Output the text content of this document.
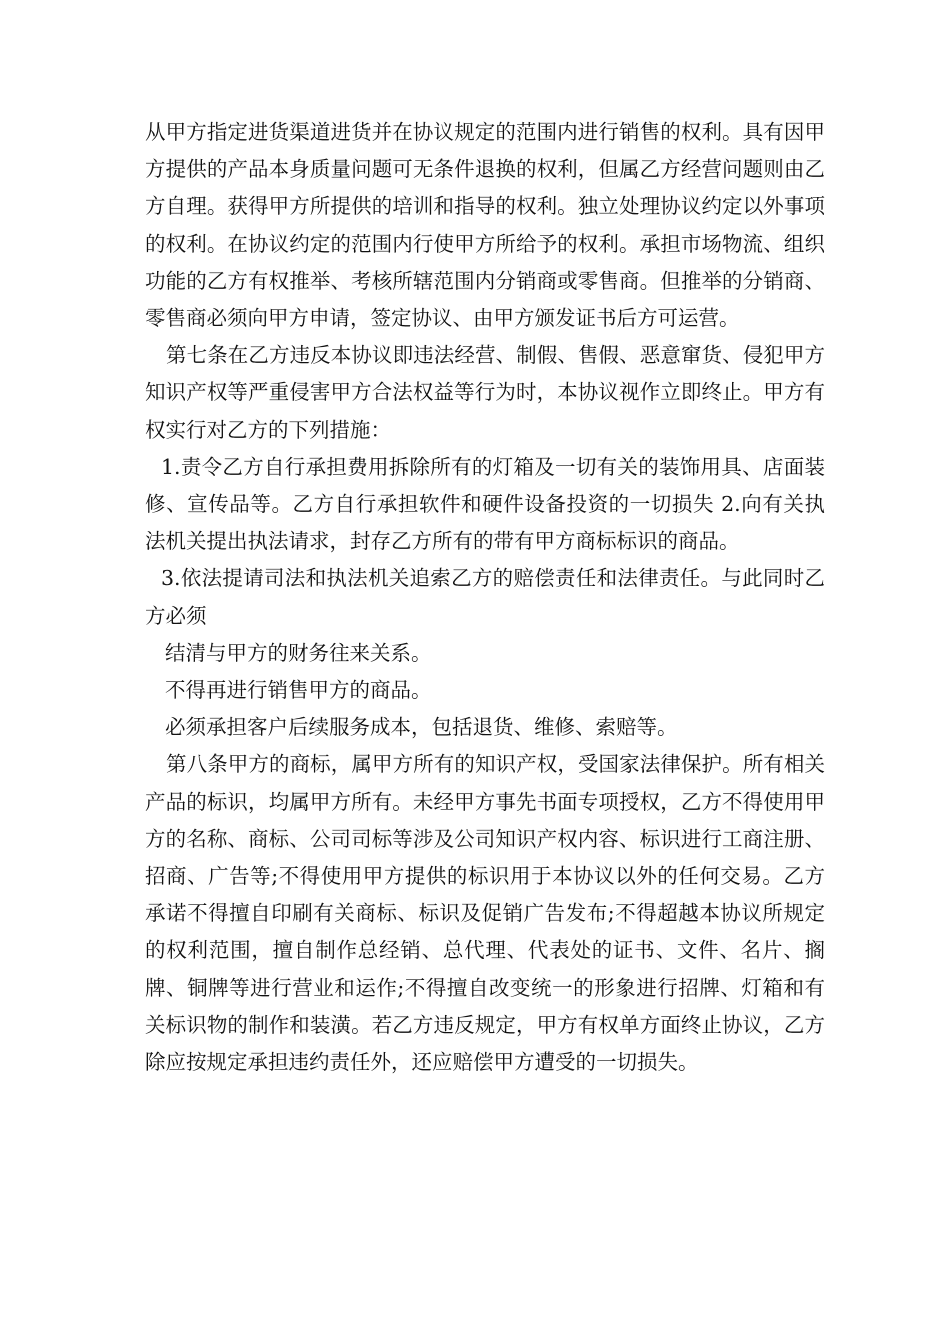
从甲方指定进货渠道进货并在协议规定的范围内进行销售的权利。具有因甲方提供的产品本身质量问题可无条件退换的权利，但属乙方经营问题则由乙方自理。获得甲方所提供的培训和指导的权利。独立处理协议约定以外事项的权利。在协议约定的范围内行使甲方所给予的权利。承担市场物流、组织功能的乙方有权推举、考核所辖范围内分销商或零售商。但推举的分销商、零售商必须向甲方申请，签定协议、由甲方颁发证书后方可运营。

第七条在乙方违反本协议即违法经营、制假、售假、恶意窜货、侵犯甲方知识产权等严重侵害甲方合法权益等行为时，本协议视作立即终止。甲方有权实行对乙方的下列措施：

1.责令乙方自行承担费用拆除所有的灯箱及一切有关的装饰用具、店面装修、宣传品等。乙方自行承担软件和硬件设备投资的一切损失 2.向有关执法机关提出执法请求，封存乙方所有的带有甲方商标标识的商品。

3.依法提请司法和执法机关追索乙方的赔偿责任和法律责任。与此同时乙方必须

结清与甲方的财务往来关系。

不得再进行销售甲方的商品。

必须承担客户后续服务成本，包括退货、维修、索赔等。

第八条甲方的商标，属甲方所有的知识产权，受国家法律保护。所有相关产品的标识，均属甲方所有。未经甲方事先书面专项授权，乙方不得使用甲方的名称、商标、公司司标等涉及公司知识产权内容、标识进行工商注册、招商、广告等;不得使用甲方提供的标识用于本协议以外的任何交易。乙方承诺不得擅自印刷有关商标、标识及促销广告发布;不得超越本协议所规定的权利范围，擅自制作总经销、总代理、代表处的证书、文件、名片、搁牌、铜牌等进行营业和运作;不得擅自改变统一的形象进行招牌、灯箱和有关标识物的制作和装潢。若乙方违反规定，甲方有权单方面终止协议，乙方除应按规定承担违约责任外，还应赔偿甲方遭受的一切损失。
